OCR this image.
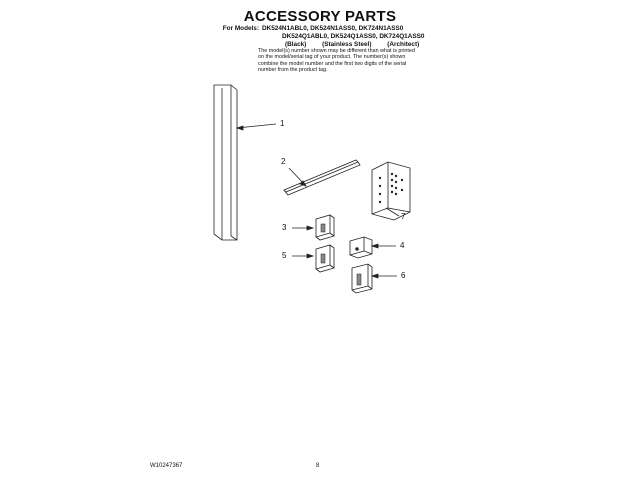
ACCESSORY PARTS
For Models: DK524N1ABL0, DK524N1ASS0, DK724N1ASS0
DK524Q1ABL0, DK524Q1ASS0, DK724Q1ASS0
(Black) (Stainless Steel) (Architect)
The model(s) number shown may be different than what is printed on the model/serial tag of your product. The number(s) shown combine the model number and the first two digits of the serial number from the product tag.
1
2
3
4
5
6
7
W10247367	8
